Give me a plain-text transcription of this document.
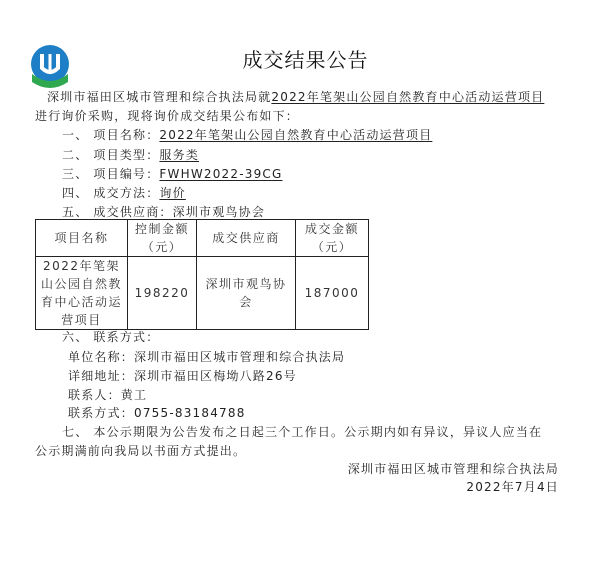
成交结果公告
深圳市福田区城市管理和综合执法局就2022年笔架山公园自然教育中心活动运营项目
进行询价采购，现将询价成交结果公布如下：
一、 项目名称：2022年笔架山公园自然教育中心活动运营项目
二、 项目类型：服务类
三、 项目编号：FWHW2022-39CG
四、 成交方法：询价
五、 成交供应商：深圳市观鸟协会
项目名称	控制金额（元）	成交供应商	成交金额（元）
2022年笔架山公园自然教育中心活动运营项目	198220	深圳市观鸟协会	187000
六、 联系方式：
单位名称：深圳市福田区城市管理和综合执法局
详细地址：深圳市福田区梅坳八路26号
联系人：黄工
联系方式：0755-83184788
七、 本公示期限为公告发布之日起三个工作日。公示期内如有异议，异议人应当在
公示期满前向我局以书面方式提出。
深圳市福田区城市管理和综合执法局
2022年7月4日
